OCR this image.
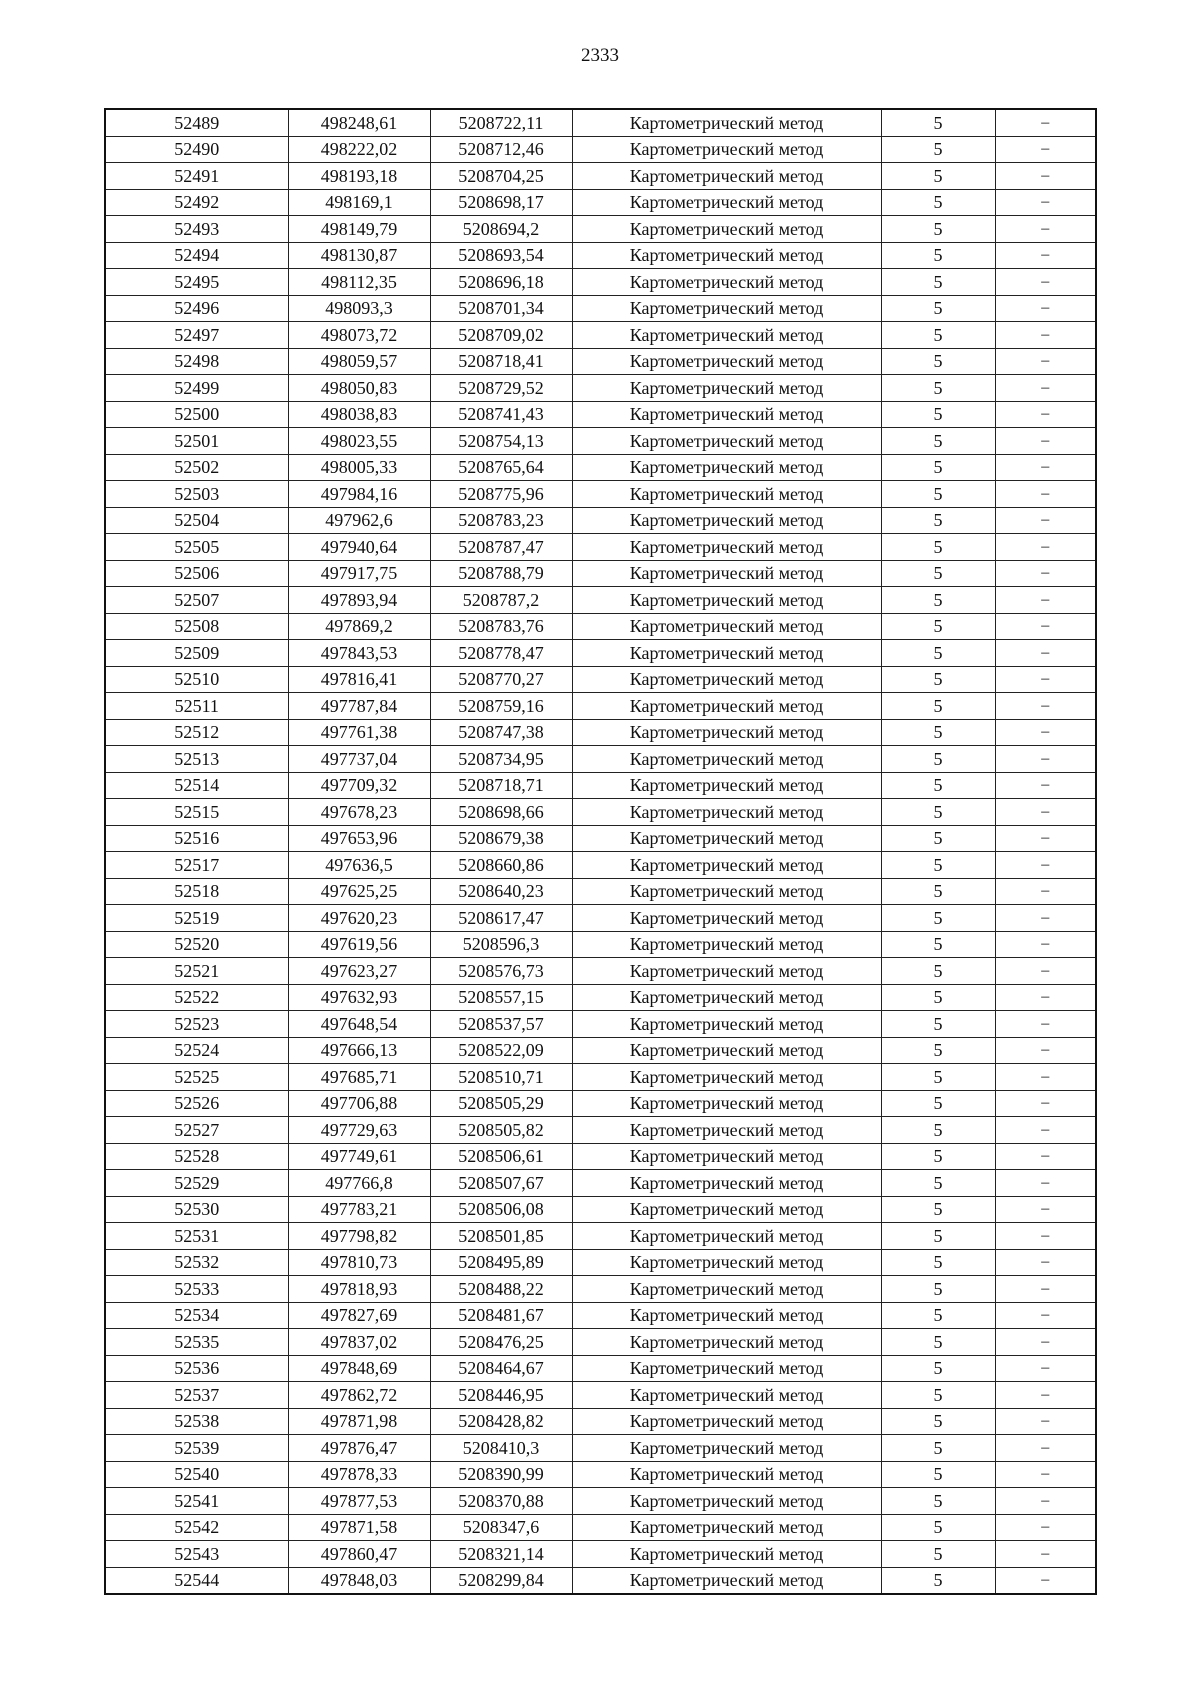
2333
52489	498248,61	5208722,11	Картометрический метод	5	–
52490	498222,02	5208712,46	Картометрический метод	5	–
52491	498193,18	5208704,25	Картометрический метод	5	–
52492	498169,1	5208698,17	Картометрический метод	5	–
52493	498149,79	5208694,2	Картометрический метод	5	–
52494	498130,87	5208693,54	Картометрический метод	5	–
52495	498112,35	5208696,18	Картометрический метод	5	–
52496	498093,3	5208701,34	Картометрический метод	5	–
52497	498073,72	5208709,02	Картометрический метод	5	–
52498	498059,57	5208718,41	Картометрический метод	5	–
52499	498050,83	5208729,52	Картометрический метод	5	–
52500	498038,83	5208741,43	Картометрический метод	5	–
52501	498023,55	5208754,13	Картометрический метод	5	–
52502	498005,33	5208765,64	Картометрический метод	5	–
52503	497984,16	5208775,96	Картометрический метод	5	–
52504	497962,6	5208783,23	Картометрический метод	5	–
52505	497940,64	5208787,47	Картометрический метод	5	–
52506	497917,75	5208788,79	Картометрический метод	5	–
52507	497893,94	5208787,2	Картометрический метод	5	–
52508	497869,2	5208783,76	Картометрический метод	5	–
52509	497843,53	5208778,47	Картометрический метод	5	–
52510	497816,41	5208770,27	Картометрический метод	5	–
52511	497787,84	5208759,16	Картометрический метод	5	–
52512	497761,38	5208747,38	Картометрический метод	5	–
52513	497737,04	5208734,95	Картометрический метод	5	–
52514	497709,32	5208718,71	Картометрический метод	5	–
52515	497678,23	5208698,66	Картометрический метод	5	–
52516	497653,96	5208679,38	Картометрический метод	5	–
52517	497636,5	5208660,86	Картометрический метод	5	–
52518	497625,25	5208640,23	Картометрический метод	5	–
52519	497620,23	5208617,47	Картометрический метод	5	–
52520	497619,56	5208596,3	Картометрический метод	5	–
52521	497623,27	5208576,73	Картометрический метод	5	–
52522	497632,93	5208557,15	Картометрический метод	5	–
52523	497648,54	5208537,57	Картометрический метод	5	–
52524	497666,13	5208522,09	Картометрический метод	5	–
52525	497685,71	5208510,71	Картометрический метод	5	–
52526	497706,88	5208505,29	Картометрический метод	5	–
52527	497729,63	5208505,82	Картометрический метод	5	–
52528	497749,61	5208506,61	Картометрический метод	5	–
52529	497766,8	5208507,67	Картометрический метод	5	–
52530	497783,21	5208506,08	Картометрический метод	5	–
52531	497798,82	5208501,85	Картометрический метод	5	–
52532	497810,73	5208495,89	Картометрический метод	5	–
52533	497818,93	5208488,22	Картометрический метод	5	–
52534	497827,69	5208481,67	Картометрический метод	5	–
52535	497837,02	5208476,25	Картометрический метод	5	–
52536	497848,69	5208464,67	Картометрический метод	5	–
52537	497862,72	5208446,95	Картометрический метод	5	–
52538	497871,98	5208428,82	Картометрический метод	5	–
52539	497876,47	5208410,3	Картометрический метод	5	–
52540	497878,33	5208390,99	Картометрический метод	5	–
52541	497877,53	5208370,88	Картометрический метод	5	–
52542	497871,58	5208347,6	Картометрический метод	5	–
52543	497860,47	5208321,14	Картометрический метод	5	–
52544	497848,03	5208299,84	Картометрический метод	5	–
